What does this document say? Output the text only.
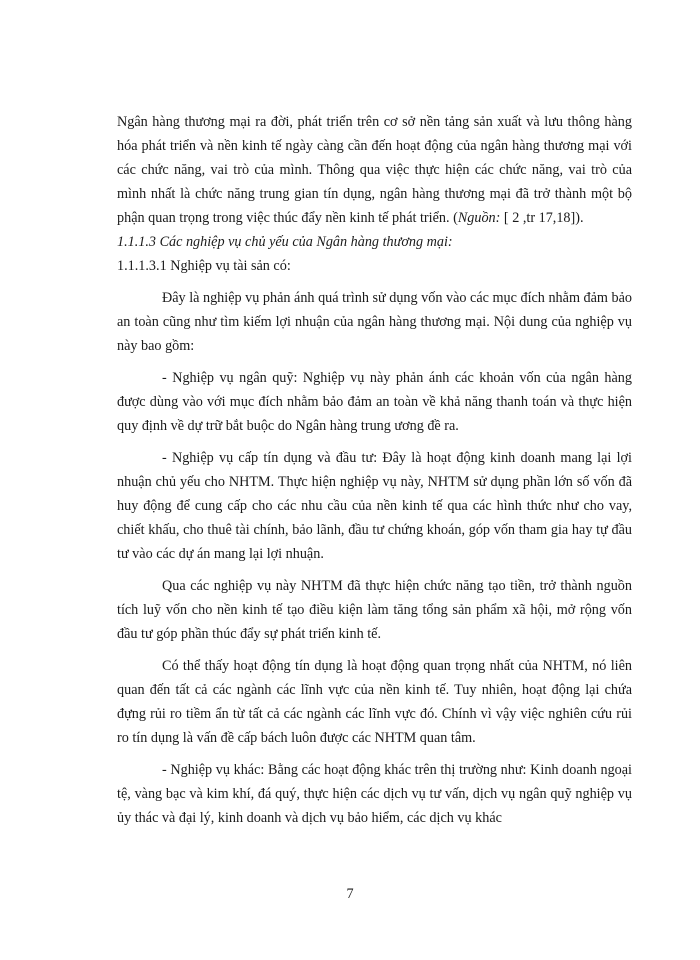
Ngân hàng thương mại ra đời, phát triển trên cơ sở nền tảng sản xuất và lưu thông hàng hóa phát triển và nền kinh tế ngày càng cần đến hoạt động của ngân hàng thương mại với các chức năng, vai trò của mình. Thông qua việc thực hiện các chức năng, vai trò của mình nhất là chức năng trung gian tín dụng, ngân hàng thương mại đã trở thành một bộ phận quan trọng trong việc thúc đẩy nền kinh tế phát triển. (Nguồn: [ 2 ,tr 17,18]).

1.1.1.3 Các nghiệp vụ chủ yếu của Ngân hàng thương mại:

1.1.1.3.1 Nghiệp vụ tài sản có:

Đây là nghiệp vụ phản ánh quá trình sử dụng vốn vào các mục đích nhằm đảm bảo an toàn cũng như tìm kiếm lợi nhuận của ngân hàng thương mại. Nội dung của nghiệp vụ này bao gồm:

- Nghiệp vụ ngân quỹ: Nghiệp vụ này phản ánh các khoản vốn của ngân hàng được dùng vào với mục đích nhằm bảo đảm an toàn về khả năng thanh toán và thực hiện quy định về dự trữ bắt buộc do Ngân hàng trung ương đề ra.

- Nghiệp vụ cấp tín dụng và đầu tư: Đây là hoạt động kinh doanh mang lại lợi nhuận chủ yếu cho NHTM. Thực hiện nghiệp vụ này, NHTM sử dụng phần lớn số vốn đã huy động để cung cấp cho các nhu cầu của nền kinh tế qua các hình thức như cho vay, chiết khấu, cho thuê tài chính, bảo lãnh, đầu tư chứng khoán, góp vốn tham gia hay tự đầu tư vào các dự án mang lại lợi nhuận.

Qua các nghiệp vụ này NHTM đã thực hiện chức năng tạo tiền, trở thành nguồn tích luỹ vốn cho nền kinh tế tạo điều kiện làm tăng tổng sản phẩm xã hội, mở rộng vốn đầu tư góp phần thúc đẩy sự phát triển kinh tế.

Có thể thấy hoạt động tín dụng là hoạt động quan trọng nhất của NHTM, nó liên quan đến tất cả các ngành các lĩnh vực của nền kinh tế. Tuy nhiên, hoạt động lại chứa đựng rủi ro tiềm ẩn từ tất cả các ngành các lĩnh vực đó. Chính vì vậy việc nghiên cứu rủi ro tín dụng là vấn đề cấp bách luôn được các NHTM quan tâm.

- Nghiệp vụ khác: Bằng các hoạt động khác trên thị trường như: Kinh doanh ngoại tệ, vàng bạc và kim khí, đá quý, thực hiện các dịch vụ tư vấn, dịch vụ ngân quỹ nghiệp vụ ủy thác và đại lý, kinh doanh và dịch vụ bảo hiểm, các dịch vụ khác

7
